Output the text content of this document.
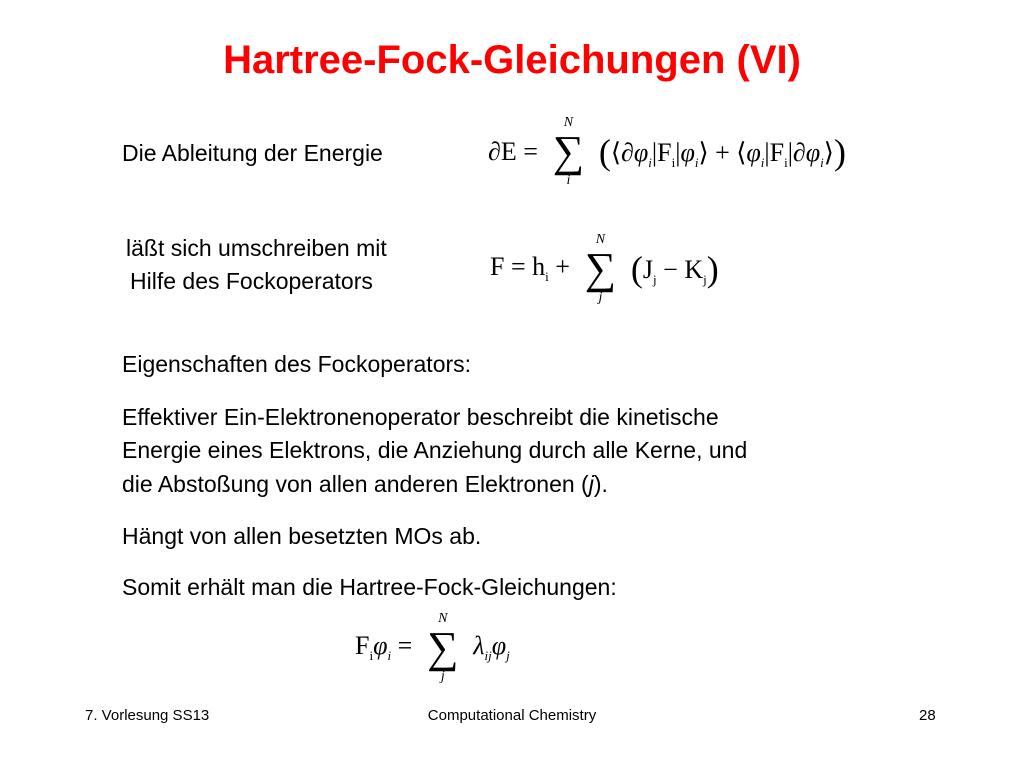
Hartree-Fock-Gleichungen (VI)
Die Ableitung der Energie	∂E =
N
∑
i
($⟨\partial\varphi_i|F_i|\varphi_i⟩$ + $⟨\varphi_i|F_i|\partial\varphi_i⟩$)
läßt sich umschreiben mit
Hilfe des Fockoperators	$F = h_i$ +
N
∑
j
$(J_j - K_j)$
Eigenschaften des Fockoperators:
Effektiver Ein-Elektronenoperator beschreibt die kinetische
Energie eines Elektrons, die Anziehung durch alle Kerne, und
die Abstoßung von allen anderen Elektronen (j).
Hängt von allen besetzten MOs ab.
Somit erhält man die Hartree-Fock-Gleichungen:
$F_i\varphi_i$ =
N
∑
j
$\lambda_{ij}\varphi_j$
7. Vorlesung SS13	Computational Chemistry	28
